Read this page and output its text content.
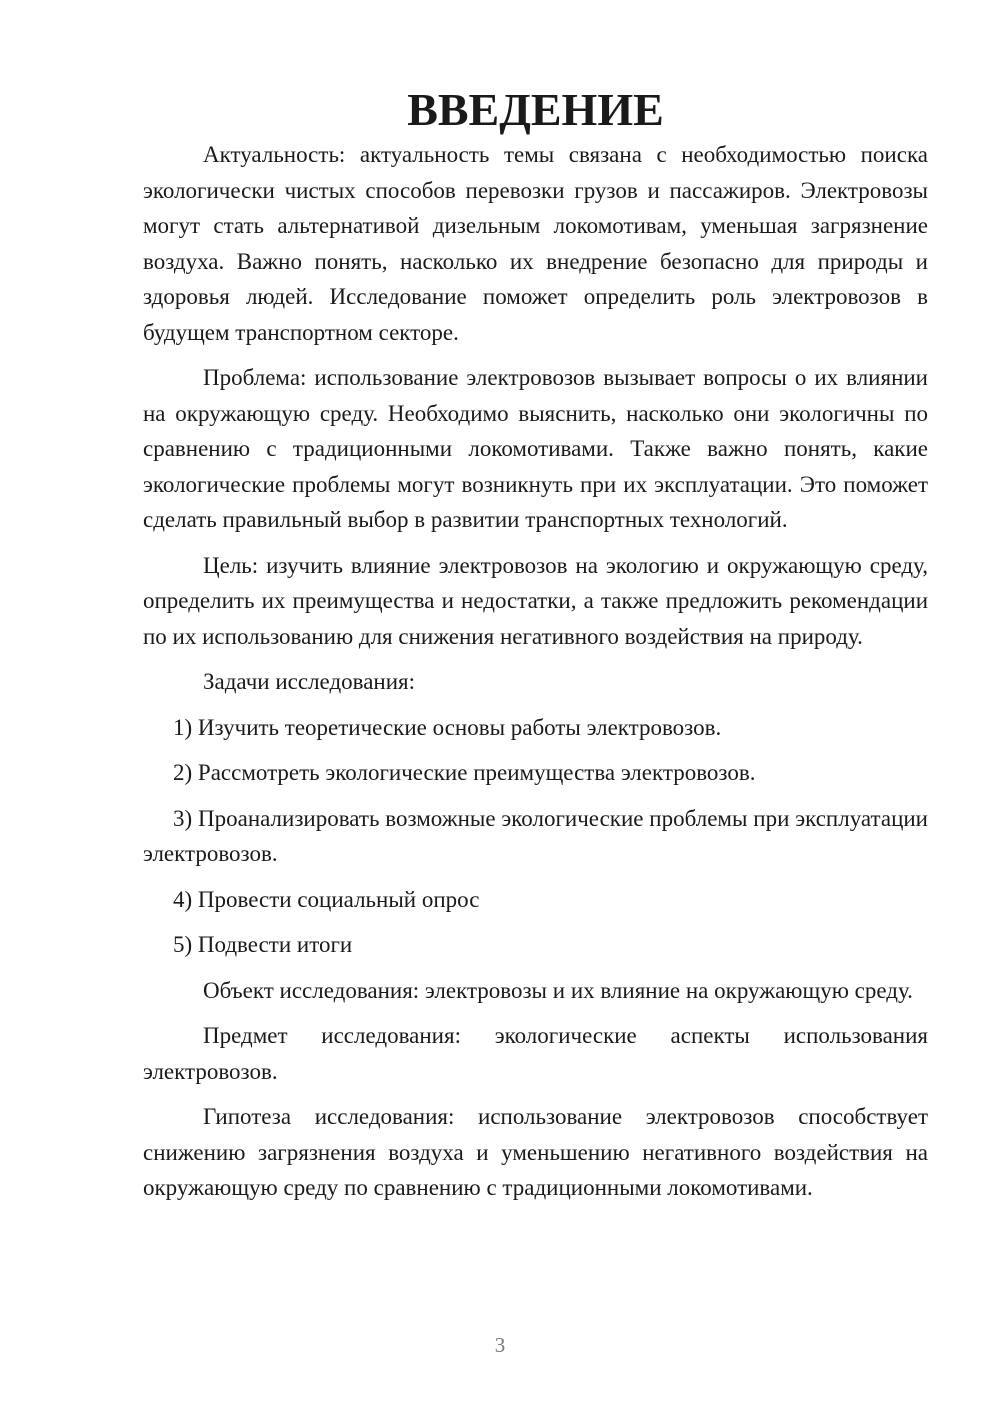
ВВЕДЕНИЕ

Актуальность: актуальность темы связана с необходимостью поиска экологически чистых способов перевозки грузов и пассажиров. Электровозы могут стать альтернативой дизельным локомотивам, уменьшая загрязнение воздуха. Важно понять, насколько их внедрение безопасно для природы и здоровья людей. Исследование поможет определить роль электровозов в будущем транспортном секторе.

Проблема: использование электровозов вызывает вопросы о их влиянии на окружающую среду. Необходимо выяснить, насколько они экологичны по сравнению с традиционными локомотивами. Также важно понять, какие экологические проблемы могут возникнуть при их эксплуатации. Это поможет сделать правильный выбор в развитии транспортных технологий.

Цель: изучить влияние электровозов на экологию и окружающую среду, определить их преимущества и недостатки, а также предложить рекомендации по их использованию для снижения негативного воздействия на природу.

Задачи исследования:

1) Изучить теоретические основы работы электровозов.

2) Рассмотреть экологические преимущества электровозов.

3) Проанализировать возможные экологические проблемы при эксплуатации электровозов.

4) Провести социальный опрос

5) Подвести итоги

Объект исследования: электровозы и их влияние на окружающую среду.

Предмет исследования: экологические аспекты использования электровозов.

Гипотеза исследования: использование электровозов способствует снижению загрязнения воздуха и уменьшению негативного воздействия на окружающую среду по сравнению с традиционными локомотивами.

3
